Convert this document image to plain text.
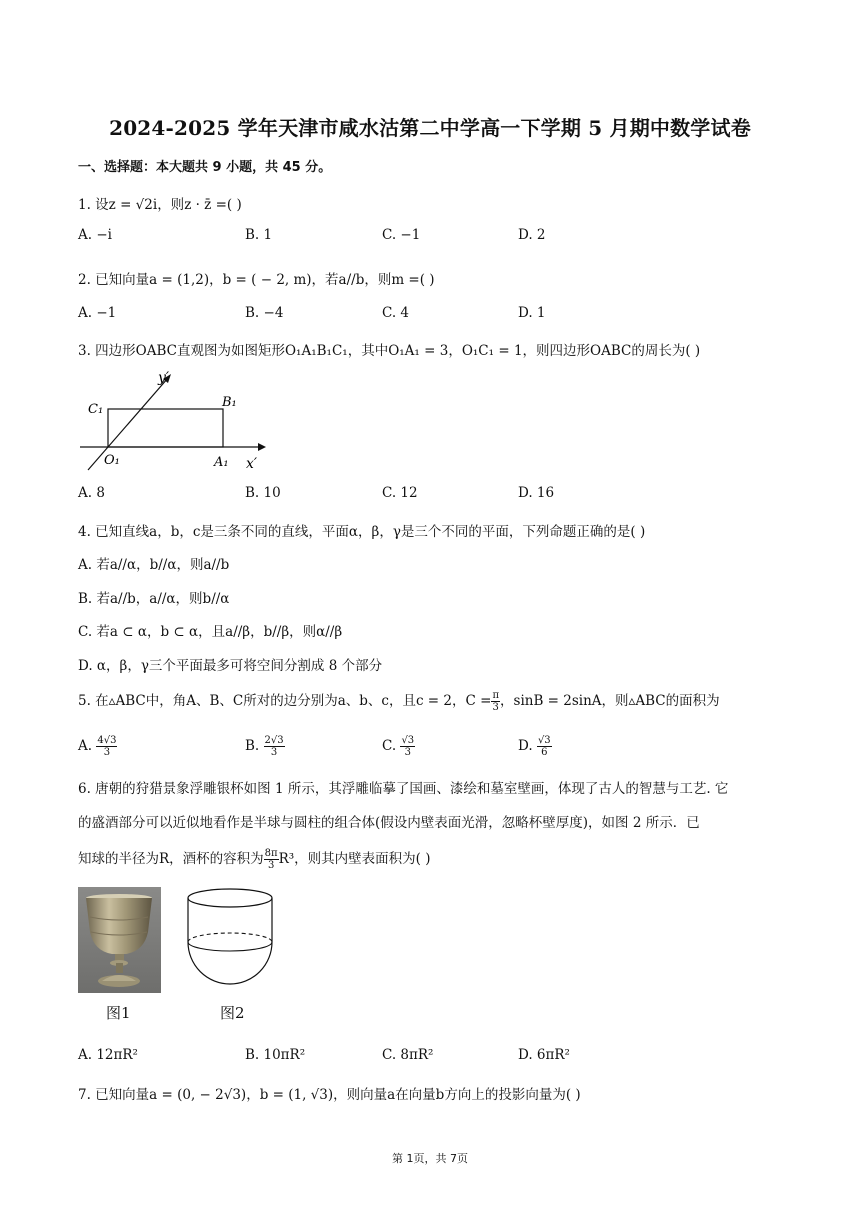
2024-2025 学年天津市咸水沽第二中学高一下学期 5 月期中数学试卷
一、选择题：本大题共 9 小题，共 45 分。
1. 设z = √2i，则z · z̄ =( )
A. −i	B. 1	C. −1	D. 2
2. 已知向量a = (1,2)，b = ( − 2, m)，若a//b，则m =( )
A. −1	B. −4	C. 4	D. 1
3. 四边形OABC直观图为如图矩形O₁A₁B₁C₁，其中O₁A₁ = 3，O₁C₁ = 1，则四边形OABC的周长为( )
y′
x′
C₁	B₁
O₁	A₁
A. 8	B. 10	C. 12	D. 16
4. 已知直线a，b，c是三条不同的直线，平面α，β，γ是三个不同的平面，下列命题正确的是( )
A. 若a//α，b//α，则a//b
B. 若a//b，a//α，则b//α
C. 若a ⊂ α，b ⊂ α，且a//β，b//β，则α//β
D. α，β，γ三个平面最多可将空间分割成 8 个部分
5. 在▵ABC中，角A、B、C所对的边分别为a、b、c，且c = 2，$C = \frac{\pi}{3}$ ，sinB = 2sinA，则▵ABC的面积为
A. $\frac{4√3}{3}$	B. $\frac{2√3}{3}$	C. $\frac{√3}{3}$	D. $\frac{√3}{6}$
6. 唐朝的狩猎景象浮雕银杯如图 1 所示，其浮雕临摹了国画、漆绘和墓室壁画，体现了古人的智慧与工艺. 它
的盛酒部分可以近似地看作是半球与圆柱的组合体(假设内壁表面光滑，忽略杯壁厚度)，如图 2 所示．已
知球的半径为R，酒杯的容积为 $\frac{8\pi}{3} R^3$，则其内壁表面积为( )
图1	图2
A. 12πR²	B. 10πR²	C. 8πR²	D. 6πR²
7. 已知向量a = (0, − 2√3)，b = (1, √3)，则向量a在向量b方向上的投影向量为( )
第 1页，共 7页
